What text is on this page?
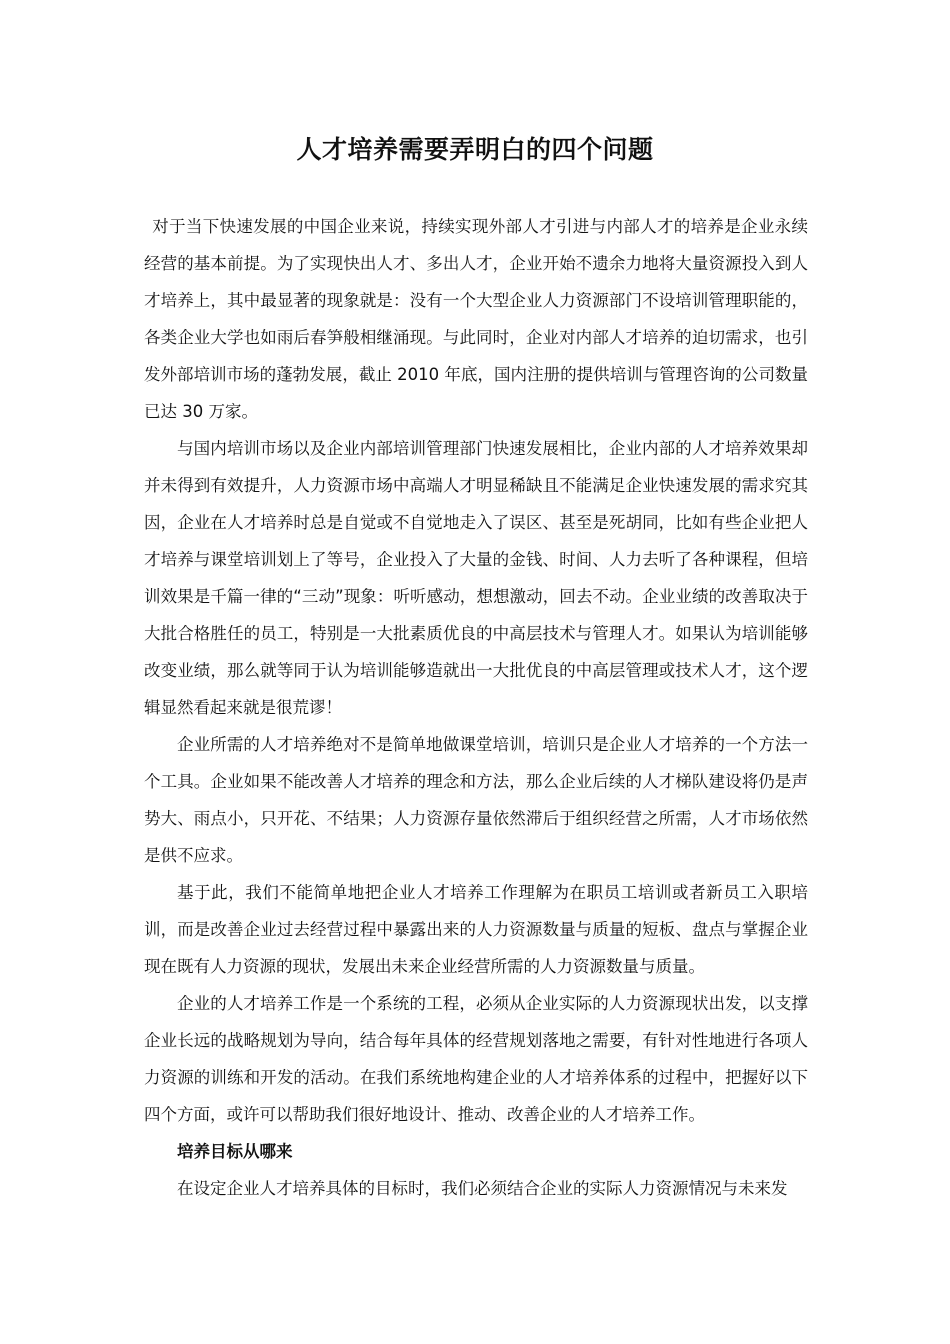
人才培养需要弄明白的四个问题

对于当下快速发展的中国企业来说，持续实现外部人才引进与内部人才的培养是企业永续经营的基本前提。为了实现快出人才、多出人才，企业开始不遗余力地将大量资源投入到人才培养上，其中最显著的现象就是：没有一个大型企业人力资源部门不设培训管理职能的，各类企业大学也如雨后春笋般相继涌现。与此同时，企业对内部人才培养的迫切需求，也引发外部培训市场的蓬勃发展，截止 2010 年底，国内注册的提供培训与管理咨询的公司数量已达 30 万家。

与国内培训市场以及企业内部培训管理部门快速发展相比，企业内部的人才培养效果却并未得到有效提升，人力资源市场中高端人才明显稀缺且不能满足企业快速发展的需求究其因，企业在人才培养时总是自觉或不自觉地走入了误区、甚至是死胡同，比如有些企业把人才培养与课堂培训划上了等号，企业投入了大量的金钱、时间、人力去听了各种课程，但培训效果是千篇一律的“三动”现象：听听感动，想想激动，回去不动。企业业绩的改善取决于大批合格胜任的员工，特别是一大批素质优良的中高层技术与管理人才。如果认为培训能够改变业绩，那么就等同于认为培训能够造就出一大批优良的中高层管理或技术人才，这个逻辑显然看起来就是很荒谬！

企业所需的人才培养绝对不是简单地做课堂培训，培训只是企业人才培养的一个方法一个工具。企业如果不能改善人才培养的理念和方法，那么企业后续的人才梯队建设将仍是声势大、雨点小，只开花、不结果；人力资源存量依然滞后于组织经营之所需，人才市场依然是供不应求。

基于此，我们不能简单地把企业人才培养工作理解为在职员工培训或者新员工入职培训，而是改善企业过去经营过程中暴露出来的人力资源数量与质量的短板、盘点与掌握企业现在既有人力资源的现状，发展出未来企业经营所需的人力资源数量与质量。

企业的人才培养工作是一个系统的工程，必须从企业实际的人力资源现状出发，以支撑企业长远的战略规划为导向，结合每年具体的经营规划落地之需要，有针对性地进行各项人力资源的训练和开发的活动。在我们系统地构建企业的人才培养体系的过程中，把握好以下四个方面，或许可以帮助我们很好地设计、推动、改善企业的人才培养工作。

培养目标从哪来

在设定企业人才培养具体的目标时，我们必须结合企业的实际人力资源情况与未来发
